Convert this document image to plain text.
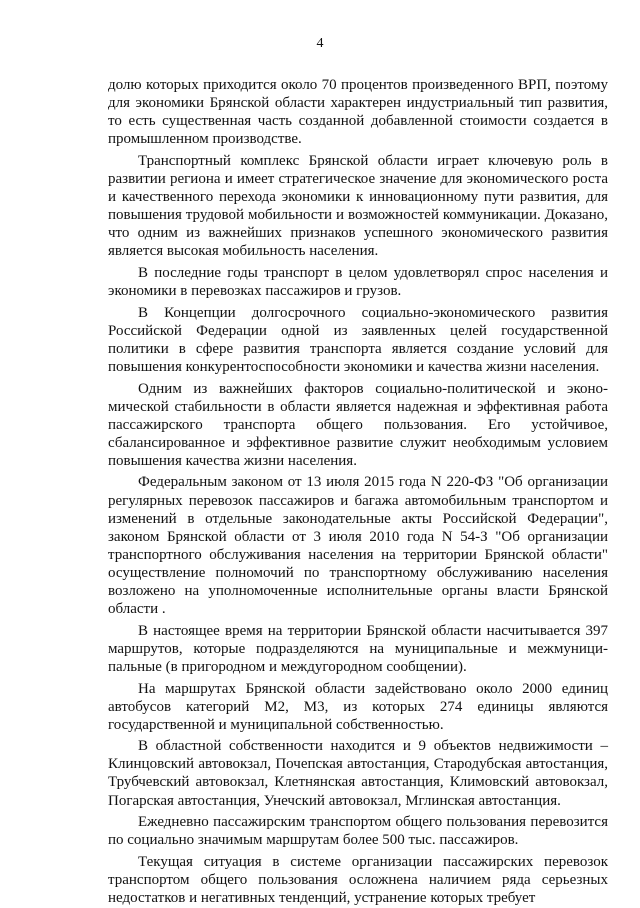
4

долю которых приходится около 70 процентов произведенного ВРП, поэтому для экономики Брянской области характерен индустриальный тип развития, то есть существенная часть созданной добавленной стоимости создается в промышленном производстве.

Транспортный комплекс Брянской области играет ключевую роль в развитии региона и имеет стратегическое значение для экономического роста и качественного перехода экономики к инновационному пути развития, для повышения трудовой мобильности и возможностей коммуникации. Доказано, что одним из важнейших признаков успешного экономического развития является высокая мобильность населения.

В последние годы транспорт в целом удовлетворял спрос населения и экономики в перевозках пассажиров и грузов.

В Концепции долгосрочного социально-экономического развития Российской Федерации одной из заявленных целей государственной политики в сфере развития транспорта является создание условий для повышения конкурентоспособности экономики и качества жизни населения.

Одним из важнейших факторов социально-политической и экономической стабильности в области является надежная и эффективная работа пассажирского транспорта общего пользования. Его устойчивое, сбалансированное и эффективное развитие служит необходимым условием повышения качества жизни населения.

Федеральным законом от 13 июля 2015 года N 220-ФЗ "Об организации регулярных перевозок пассажиров и багажа автомобильным транспортом и изменений в отдельные законодательные акты Российской Федерации", законом Брянской области от 3 июля 2010 года N 54-З "Об организации транспортного обслуживания населения на территории Брянской области" осуществление полномочий по транспортному обслуживанию населения возложено на уполномоченные исполнительные органы власти Брянской области .

В настоящее время на территории Брянской области насчитывается 397 маршрутов, которые подразделяются на муниципальные и межмуниципальные (в пригородном и междугородном сообщении).

На маршрутах Брянской области задействовано около 2000 единиц автобусов категорий М2, М3, из которых 274 единицы являются государственной и муниципальной собственностью.

В областной собственности находится и 9 объектов недвижимости – Клинцовский автовокзал, Почепская автостанция, Стародубская автостанция, Трубчевский автовокзал, Клетнянская автостанция, Климовский автовокзал, Погарская автостанция, Унечский автовокзал, Мглинская автостанция.

Ежедневно пассажирским транспортом общего пользования перевозится по социально значимым маршрутам более 500 тыс. пассажиров.

Текущая ситуация в системе организации пассажирских перевозок транспортом общего пользования осложнена наличием ряда серьезных недостатков и негативных тенденций, устранение которых требует
